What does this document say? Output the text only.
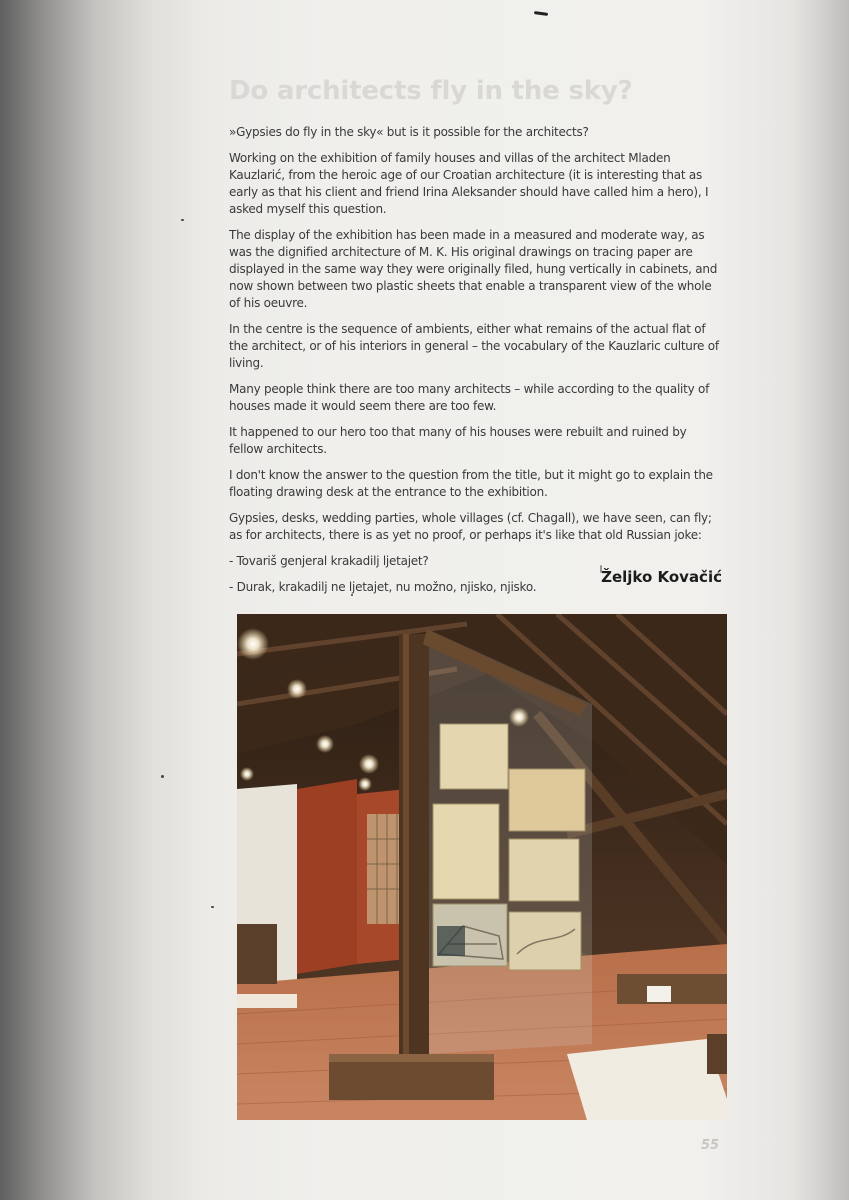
Do architects fly in the sky?

»Gypsies do fly in the sky« but is it possible for the architects?

Working on the exhibition of family houses and villas of the architect Mladen Kauzlarić, from the heroic age of our Croatian architecture (it is interesting that as early as that his client and friend Irina Aleksander should have called him a hero), I asked myself this question.

The display of the exhibition has been made in a measured and moderate way, as was the dignified architecture of M. K. His original drawings on tracing paper are displayed in the same way they were originally filed, hung vertically in cabinets, and now shown between two plastic sheets that enable a transparent view of the whole of his oeuvre.

In the centre is the sequence of ambients, either what remains of the actual flat of the architect, or of his interiors in general – the vocabulary of the Kauzlaric culture of living.

Many people think there are too many architects – while according to the quality of houses made it would seem there are too few.

It happened to our hero too that many of his houses were rebuilt and ruined by fellow architects.

I don't know the answer to the question from the title, but it might go to explain the floating drawing desk at the entrance to the exhibition.

Gypsies, desks, wedding parties, whole villages (cf. Chagall), we have seen, can fly; as for architects, there is as yet no proof, or perhaps it's like that old Russian joke:

- Tovariš genjeral krakadilj ljetajet?

- Durak, krakadilj ne ljetajet, nu možno, njisko, njisko.

Željko Kovačić

55
